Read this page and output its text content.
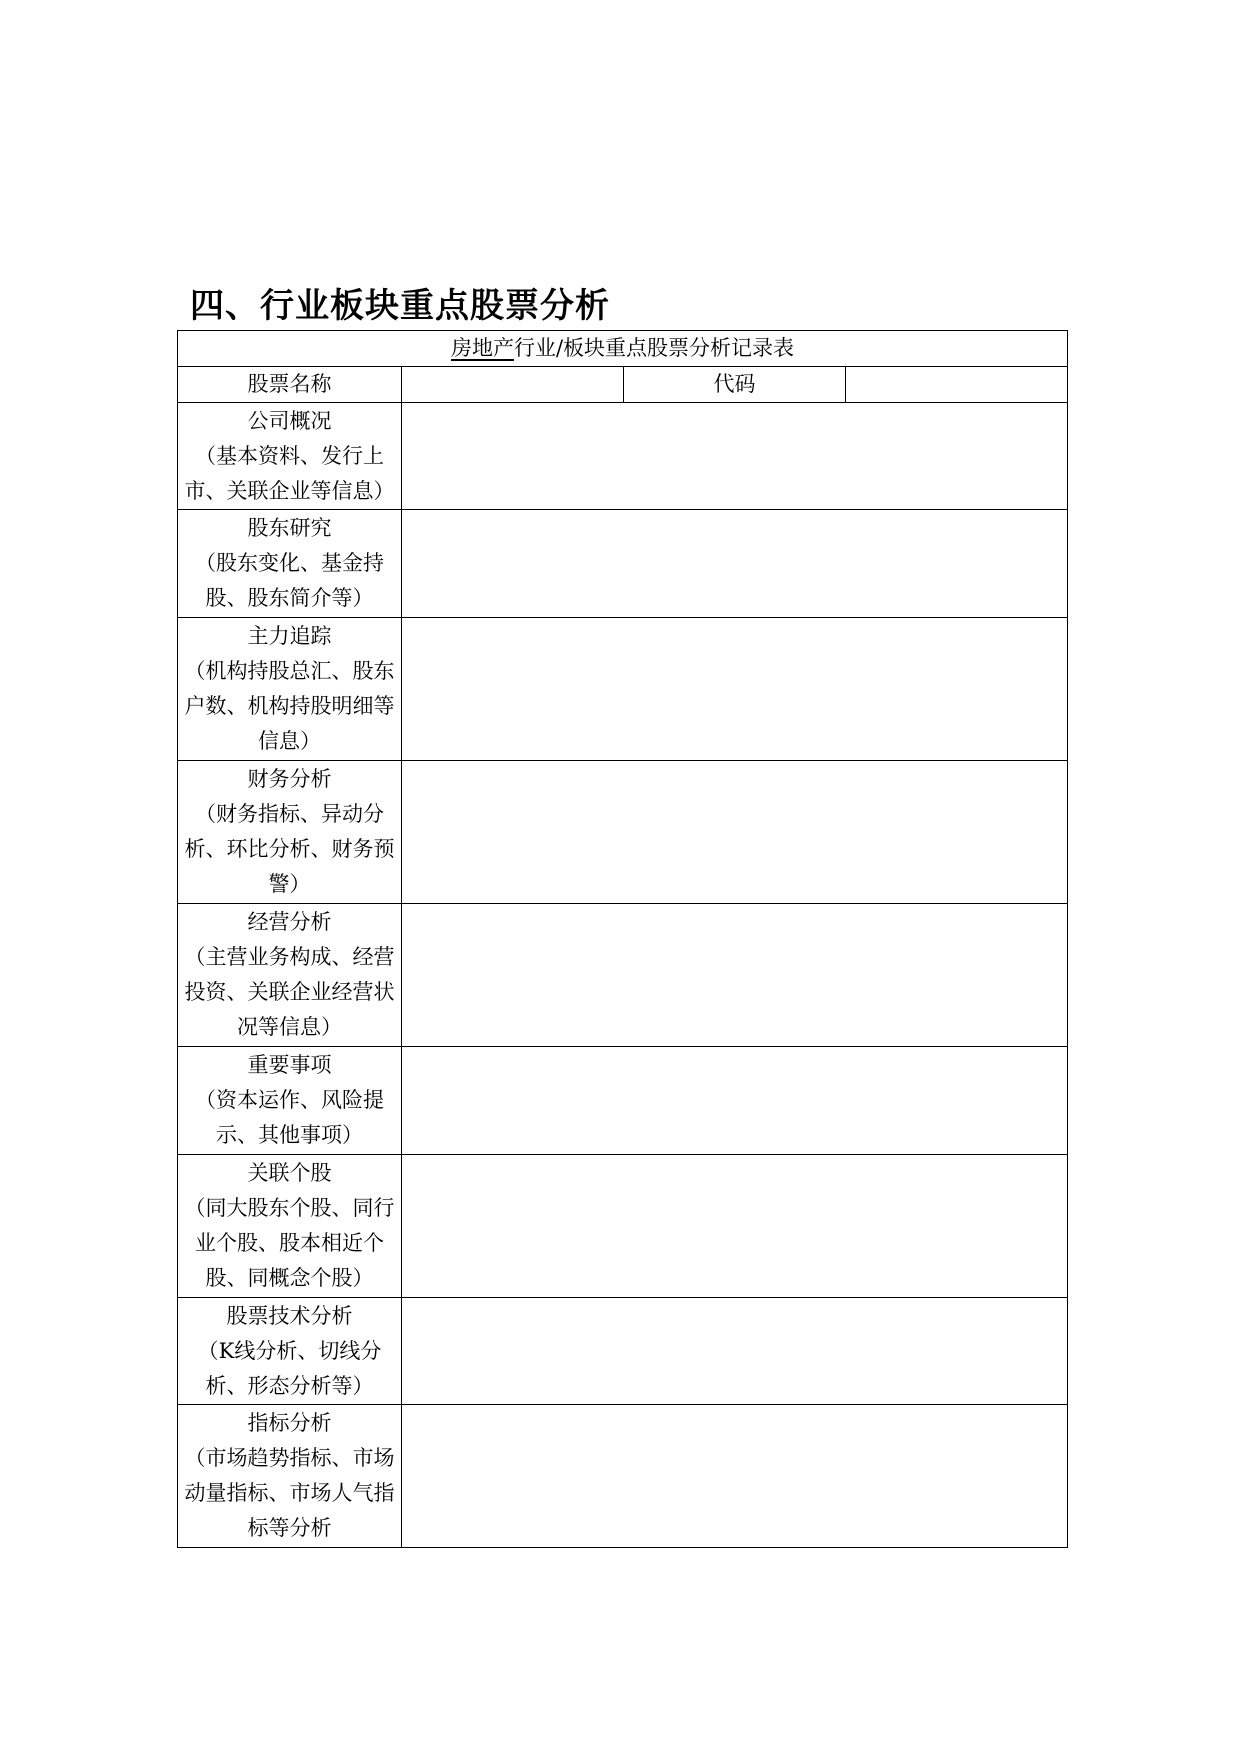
四、行业板块重点股票分析
房地产行业/板块重点股票分析记录表			
股票名称		代码	

公司概况
（基本资料、发行上市、关联企业等信息）			

股东研究
（股东变化、基金持股、股东简介等）			

主力追踪
（机构持股总汇、股东户数、机构持股明细等信息）			

财务分析
（财务指标、异动分析、环比分析、财务预警）			

经营分析
（主营业务构成、经营投资、关联企业经营状况等信息）			

重要事项
（资本运作、风险提示、其他事项）			

关联个股
（同大股东个股、同行业个股、股本相近个股、同概念个股）			

股票技术分析
（K线分析、切线分析、形态分析等）			

指标分析
（市场趋势指标、市场动量指标、市场人气指标等分析			
